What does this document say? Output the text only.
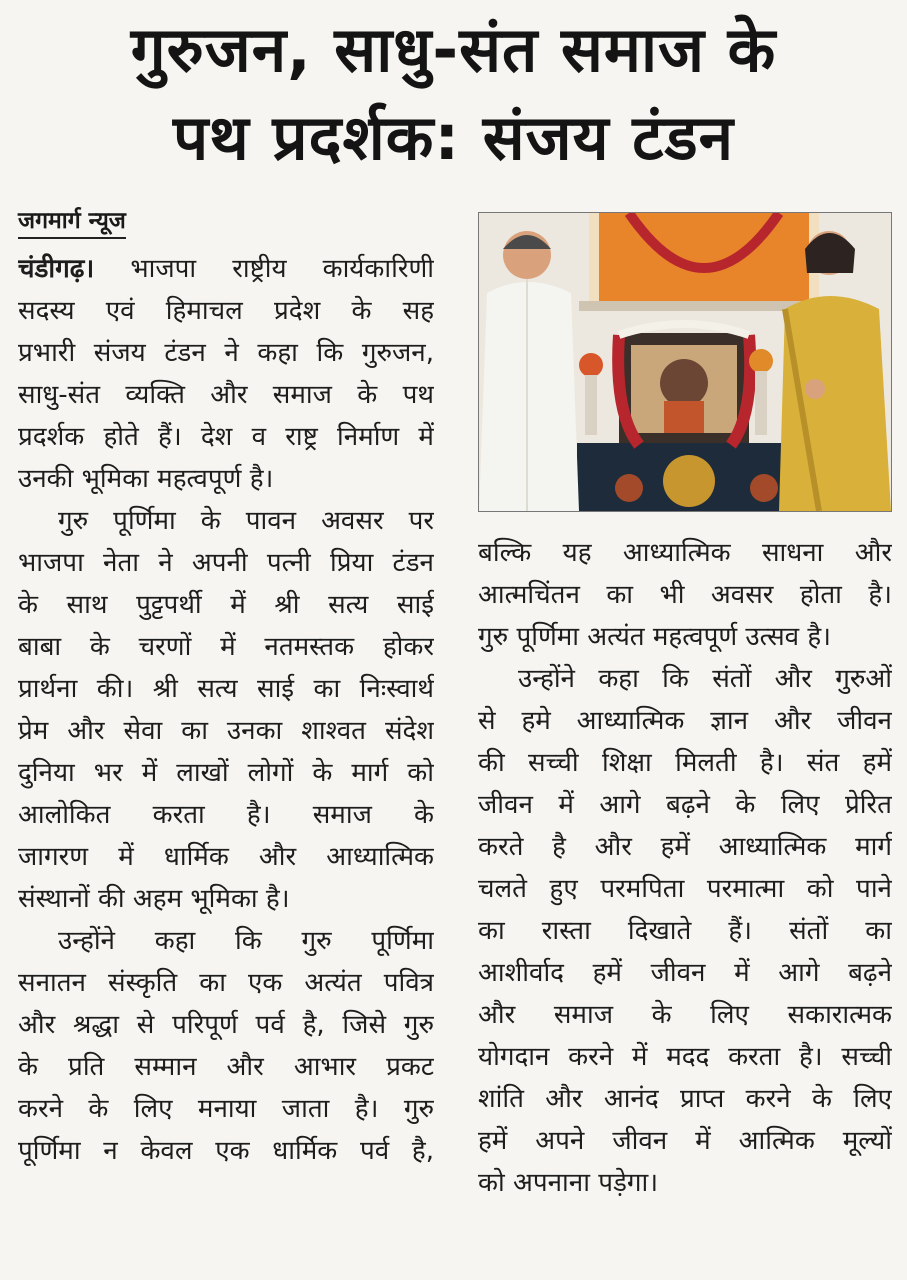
गुरुजन, साधु-संत समाज के
पथ प्रदर्शक: संजय टंडन
जगमार्ग न्यूज

चंडीगढ़। भाजपा राष्ट्रीय कार्यकारिणी
सदस्य एवं हिमाचल प्रदेश के सह
प्रभारी संजय टंडन ने कहा कि गुरुजन,
साधु-संत व्यक्ति और समाज के पथ
प्रदर्शक होते हैं। देश व राष्ट्र निर्माण में
उनकी भूमिका महत्वपूर्ण है।

गुरु पूर्णिमा के पावन अवसर पर
भाजपा नेता ने अपनी पत्नी प्रिया टंडन
के साथ पुट्टपर्थी में श्री सत्य साई
बाबा के चरणों में नतमस्तक होकर
प्रार्थना की। श्री सत्य साई का निःस्वार्थ
प्रेम और सेवा का उनका शाश्वत संदेश
दुनिया भर में लाखों लोगों के मार्ग को
आलोकित करता है। समाज के
जागरण में धार्मिक और आध्यात्मिक
संस्थानों की अहम भूमिका है।

उन्होंने कहा कि गुरु पूर्णिमा
सनातन संस्कृति का एक अत्यंत पवित्र
और श्रद्धा से परिपूर्ण पर्व है, जिसे गुरु
के प्रति सम्मान और आभार प्रकट
करने के लिए मनाया जाता है। गुरु
पूर्णिमा न केवल एक धार्मिक पर्व है,

बल्कि यह आध्यात्मिक साधना और
आत्मचिंतन का भी अवसर होता है।
गुरु पूर्णिमा अत्यंत महत्वपूर्ण उत्सव है।

उन्होंने कहा कि संतों और गुरुओं
से हमे आध्यात्मिक ज्ञान और जीवन
की सच्ची शिक्षा मिलती है। संत हमें
जीवन में आगे बढ़ने के लिए प्रेरित
करते है और हमें आध्यात्मिक मार्ग
चलते हुए परमपिता परमात्मा को पाने
का रास्ता दिखाते हैं। संतों का
आशीर्वाद हमें जीवन में आगे बढ़ने
और समाज के लिए सकारात्मक
योगदान करने में मदद करता है। सच्ची
शांति और आनंद प्राप्त करने के लिए
हमें अपने जीवन में आत्मिक मूल्यों
को अपनाना पड़ेगा।
